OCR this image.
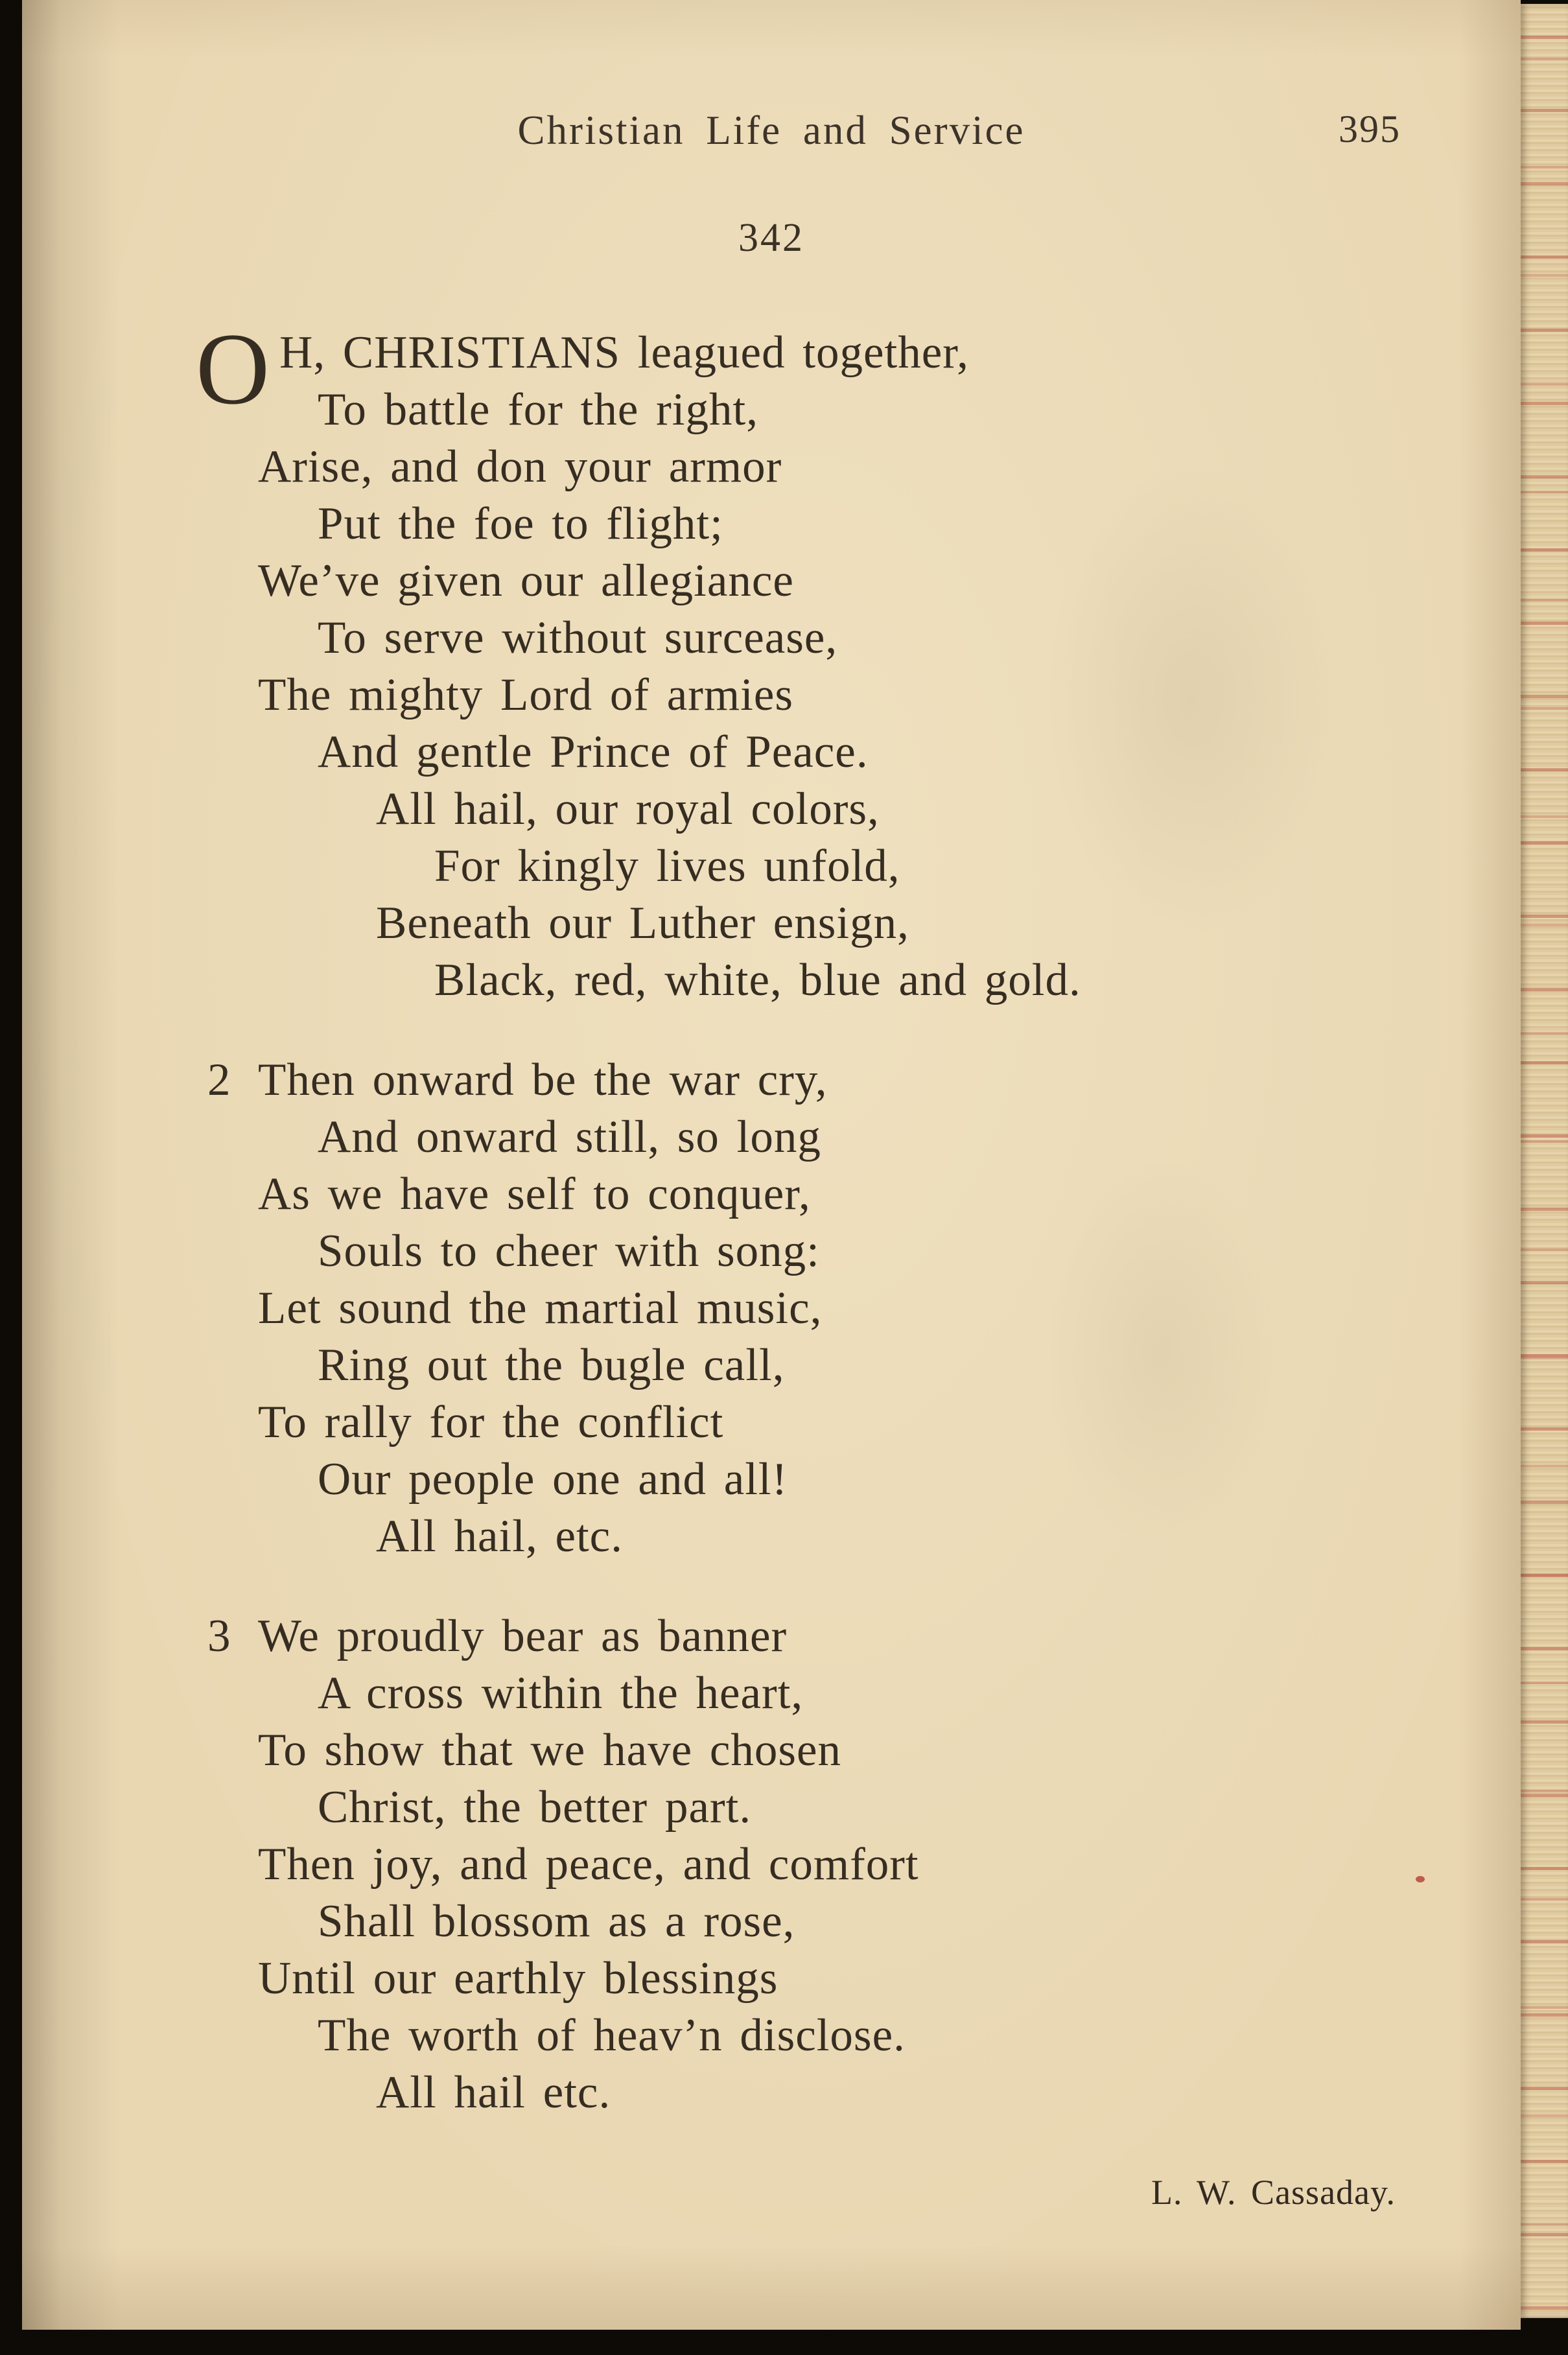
Christian Life and Service	395
342
O H, CHRISTIANS leagued together,
To battle for the right,
Arise, and don your armor
Put the foe to flight;
We’ve given our allegiance
To serve without surcease,
The mighty Lord of armies
And gentle Prince of Peace.
All hail, our royal colors,
For kingly lives unfold,
Beneath our Luther ensign,
Black, red, white, blue and gold.
2 Then onward be the war cry,
And onward still, so long
As we have self to conquer,
Souls to cheer with song:
Let sound the martial music,
Ring out the bugle call,
To rally for the conflict
Our people one and all!
All hail, etc.
3 We proudly bear as banner
A cross within the heart,
To show that we have chosen
Christ, the better part.
Then joy, and peace, and comfort
Shall blossom as a rose,
Until our earthly blessings
The worth of heav’n disclose.
All hail etc.
L. W. Cassaday.
